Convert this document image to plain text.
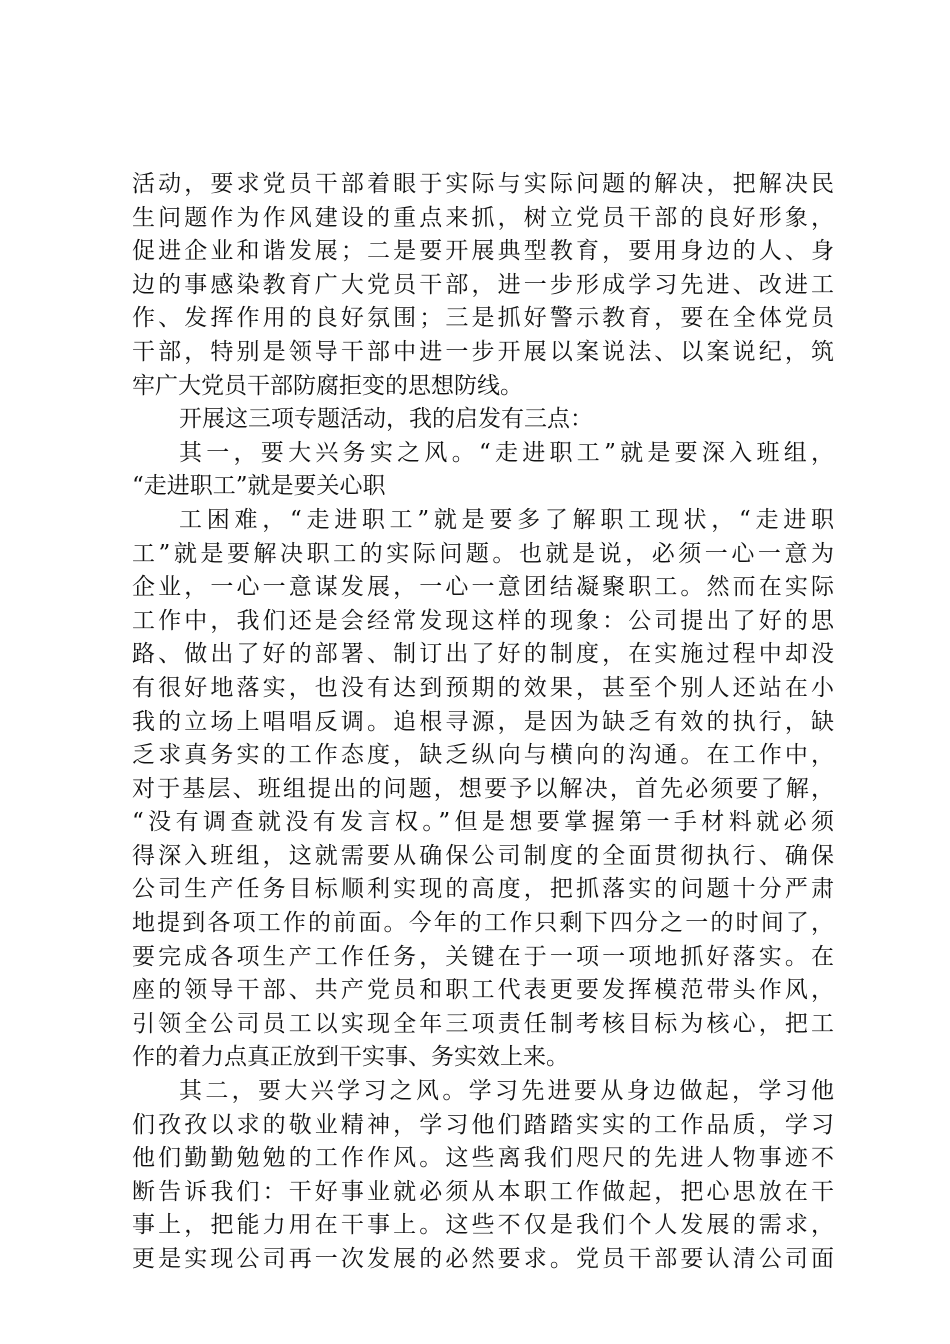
活动，要求党员干部着眼于实际与实际问题的解决，把解决民
生问题作为作风建设的重点来抓，树立党员干部的良好形象，
促进企业和谐发展；二是要开展典型教育，要用身边的人、身
边的事感染教育广大党员干部，进一步形成学习先进、改进工
作、发挥作用的良好氛围；三是抓好警示教育，要在全体党员
干部，特别是领导干部中进一步开展以案说法、以案说纪，筑
牢广大党员干部防腐拒变的思想防线。
开展这三项专题活动，我的启发有三点：
其一，要大兴务实之风。“走进职工”就是要深入班组，
“走进职工”就是要关心职
工困难，“走进职工”就是要多了解职工现状，“走进职
工”就是要解决职工的实际问题。也就是说，必须一心一意为
企业，一心一意谋发展，一心一意团结凝聚职工。然而在实际
工作中，我们还是会经常发现这样的现象：公司提出了好的思
路、做出了好的部署、制订出了好的制度，在实施过程中却没
有很好地落实，也没有达到预期的效果，甚至个别人还站在小
我的立场上唱唱反调。追根寻源，是因为缺乏有效的执行，缺
乏求真务实的工作态度，缺乏纵向与横向的沟通。在工作中，
对于基层、班组提出的问题，想要予以解决，首先必须要了解，
“没有调查就没有发言权。”但是想要掌握第一手材料就必须
得深入班组，这就需要从确保公司制度的全面贯彻执行、确保
公司生产任务目标顺利实现的高度，把抓落实的问题十分严肃
地提到各项工作的前面。今年的工作只剩下四分之一的时间了，
要完成各项生产工作任务，关键在于一项一项地抓好落实。在
座的领导干部、共产党员和职工代表更要发挥模范带头作风，
引领全公司员工以实现全年三项责任制考核目标为核心，把工
作的着力点真正放到干实事、务实效上来。
其二，要大兴学习之风。学习先进要从身边做起，学习他
们孜孜以求的敬业精神，学习他们踏踏实实的工作品质，学习
他们勤勤勉勉的工作作风。这些离我们咫尺的先进人物事迹不
断告诉我们：干好事业就必须从本职工作做起，把心思放在干
事上，把能力用在干事上。这些不仅是我们个人发展的需求，
更是实现公司再一次发展的必然要求。党员干部要认清公司面
